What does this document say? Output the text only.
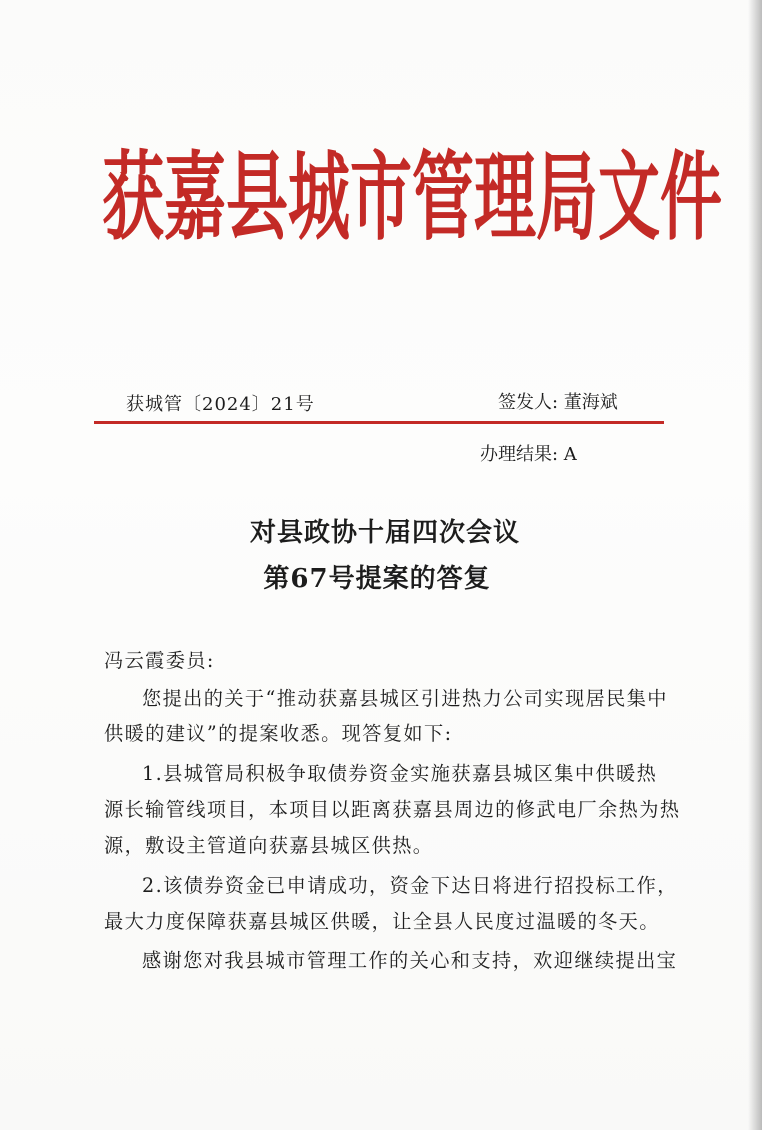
获嘉县城市管理局文件
获城管〔2024〕21号	签发人: 董海斌
办理结果: A
对县政协十届四次会议
第67号提案的答复
冯云霞委员:
您提出的关于“推动获嘉县城区引进热力公司实现居民集中
供暖的建议”的提案收悉。现答复如下:
1.县城管局积极争取债券资金实施获嘉县城区集中供暖热
源长输管线项目，本项目以距离获嘉县周边的修武电厂余热为热
源，敷设主管道向获嘉县城区供热。
2.该债券资金已申请成功，资金下达日将进行招投标工作，
最大力度保障获嘉县城区供暖，让全县人民度过温暖的冬天。
感谢您对我县城市管理工作的关心和支持，欢迎继续提出宝
